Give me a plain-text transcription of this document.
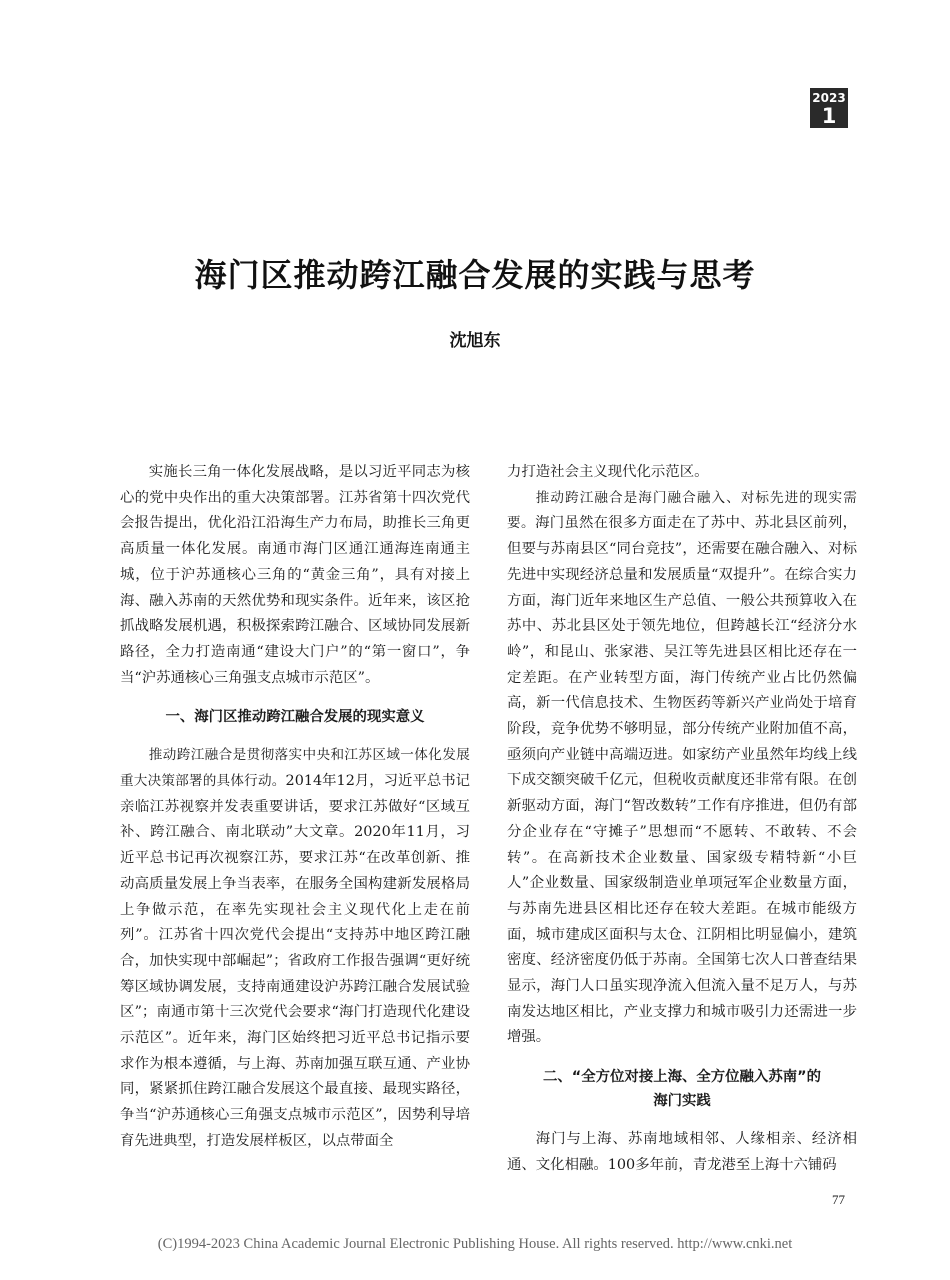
2023
1
海门区推动跨江融合发展的实践与思考
沈旭东

实施长三角一体化发展战略，是以习近平同志为核心的党中央作出的重大决策部署。江苏省第十四次党代会报告提出，优化沿江沿海生产力布局，助推长三角更高质量一体化发展。南通市海门区通江通海连南通主城，位于沪苏通核心三角的“黄金三角”，具有对接上海、融入苏南的天然优势和现实条件。近年来，该区抢抓战略发展机遇，积极探索跨江融合、区域协同发展新路径，全力打造南通“建设大门户”的“第一窗口”，争当“沪苏通核心三角强支点城市示范区”。

一、海门区推动跨江融合发展的现实意义

推动跨江融合是贯彻落实中央和江苏区域一体化发展重大决策部署的具体行动。2014年12月，习近平总书记亲临江苏视察并发表重要讲话，要求江苏做好“区域互补、跨江融合、南北联动”大文章。2020年11月，习近平总书记再次视察江苏，要求江苏“在改革创新、推动高质量发展上争当表率，在服务全国构建新发展格局上争做示范，在率先实现社会主义现代化上走在前列”。江苏省十四次党代会提出“支持苏中地区跨江融合，加快实现中部崛起”；省政府工作报告强调“更好统筹区域协调发展，支持南通建设沪苏跨江融合发展试验区”；南通市第十三次党代会要求“海门打造现代化建设示范区”。近年来，海门区始终把习近平总书记指示要求作为根本遵循，与上海、苏南加强互联互通、产业协同，紧紧抓住跨江融合发展这个最直接、最现实路径，争当“沪苏通核心三角强支点城市示范区”，因势利导培育先进典型，打造发展样板区，以点带面全

力打造社会主义现代化示范区。

推动跨江融合是海门融合融入、对标先进的现实需要。海门虽然在很多方面走在了苏中、苏北县区前列，但要与苏南县区“同台竞技”，还需要在融合融入、对标先进中实现经济总量和发展质量“双提升”。在综合实力方面，海门近年来地区生产总值、一般公共预算收入在苏中、苏北县区处于领先地位，但跨越长江“经济分水岭”，和昆山、张家港、吴江等先进县区相比还存在一定差距。在产业转型方面，海门传统产业占比仍然偏高，新一代信息技术、生物医药等新兴产业尚处于培育阶段，竞争优势不够明显，部分传统产业附加值不高，亟须向产业链中高端迈进。如家纺产业虽然年均线上线下成交额突破千亿元，但税收贡献度还非常有限。在创新驱动方面，海门“智改数转”工作有序推进，但仍有部分企业存在“守摊子”思想而“不愿转、不敢转、不会转”。在高新技术企业数量、国家级专精特新“小巨人”企业数量、国家级制造业单项冠军企业数量方面，与苏南先进县区相比还存在较大差距。在城市能级方面，城市建成区面积与太仓、江阴相比明显偏小，建筑密度、经济密度仍低于苏南。全国第七次人口普查结果显示，海门人口虽实现净流入但流入量不足万人，与苏南发达地区相比，产业支撑力和城市吸引力还需进一步增强。

二、“全方位对接上海、全方位融入苏南”的
海门实践

海门与上海、苏南地域相邻、人缘相亲、经济相通、文化相融。100多年前，青龙港至上海十六铺码

77
(C)1994-2023 China Academic Journal Electronic Publishing House. All rights reserved. http://www.cnki.net
